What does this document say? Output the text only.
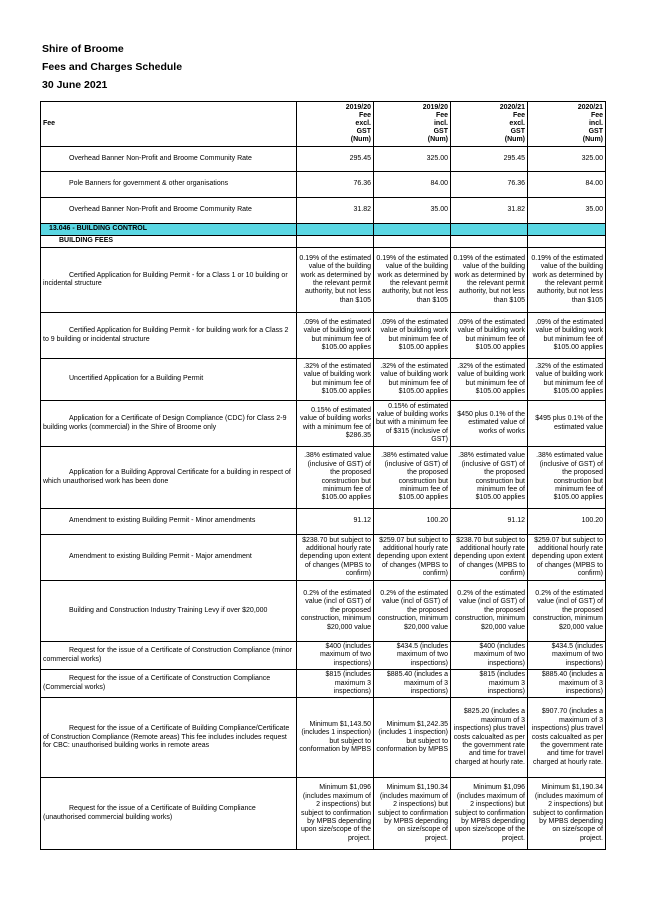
Shire of Broome
Fees and Charges Schedule
30 June 2021
Fee	2019/20
Fee
excl.
GST
(Num)	2019/20
Fee
incl.
GST
(Num)	2020/21
Fee
excl.
GST
(Num)	2020/21
Fee
incl.
GST
(Num)

Overhead Banner Non-Profit and Broome Community Rate	295.45	325.00	295.45	325.00

Pole Banners for government & other organisations	76.36	84.00	76.36	84.00

Overhead Banner Non-Profit and Broome Community Rate	31.82	35.00	31.82	35.00
13.046 - BUILDING CONTROL				
BUILDING FEES				

Certified Application for Building Permit - for a Class 1 or 10 building or incidental structure	0.19% of the estimated value of the building work as determined by the relevant permit authority, but not less than $105	0.19% of the estimated value of the building work as determined by the relevant permit authority, but not less than $105	0.19% of the estimated value of the building work as determined by the relevant permit authority, but not less than $105	0.19% of the estimated value of the building work as determined by the relevant permit authority, but not less than $105

Certified Application for Building Permit - for building work for a Class 2 to 9 building or incidental structure	.09% of the estimated value of building work but minimum fee of $105.00 applies	.09% of the estimated value of building work but minimum fee of $105.00 applies	.09% of the estimated value of building work but minimum fee of $105.00 applies	.09% of the estimated value of building work but minimum fee of $105.00 applies

Uncertified Application for a Building Permit	.32% of the estimated value of building work but minimum fee of $105.00 applies	.32% of the estimated value of building work but minimum fee of $105.00 applies	.32% of the estimated value of building work but minimum fee of $105.00 applies	.32% of the estimated value of building work but minimum fee of $105.00 applies

Application for a Certificate of Design Compliance (CDC) for Class 2-9 building works (commercial) in the Shire of Broome only	0.15% of estimated value of building works with a minimum fee of $286.35	0.15% of estimated value of building works but with a minimum fee of $315 (inclusive of GST)	$450 plus 0.1% of the estimated value of works of works	$495 plus 0.1% of the estimated value

Application for a Building Approval Certificate for a building in respect of which unauthorised work has been done	.38% estimated value (inclusive of GST) of the proposed construction but minimum fee of $105.00 applies	.38% estimated value (inclusive of GST) of the proposed construction but minimum fee of $105.00 applies	.38% estimated value (inclusive of GST) of the proposed construction but minimum fee of $105.00 applies	.38% estimated value (inclusive of GST) of the proposed construction but minimum fee of $105.00 applies

Amendment to existing Building Permit - Minor amendments	91.12	100.20	91.12	100.20

Amendment to existing Building Permit - Major amendment	$238.70 but subject to additional hourly rate depending upon extent of changes (MPBS to confirm)	$259.07 but subject to additional hourly rate depending upon extent of changes (MPBS to confirm)	$238.70 but subject to additional hourly rate depending upon extent of changes (MPBS to confirm)	$259.07 but subject to additional hourly rate depending upon extent of changes (MPBS to confirm)

Building and Construction Industry Training Levy if over $20,000	0.2% of the estimated value (incl of GST) of the proposed construction, minimum $20,000 value	0.2% of the estimated value (incl of GST) of the proposed construction, minimum $20,000 value	0.2% of the estimated value (incl of GST) of the proposed construction, minimum $20,000 value	0.2% of the estimated value (incl of GST) of the proposed construction, minimum $20,000 value

Request for the issue of a Certificate of Construction Compliance (minor commercial works)	$400 (includes maximum of two inspections)	$434.5 (includes maximum of two inspections)	$400 (includes maximum of two inspections)	$434.5 (includes maximum of two inspections)

Request for the issue of a Certificate of Construction Compliance (Commercial works)	$815 (includes maximum 3 inspections)	$885.40 (includes a maximum of 3 inspections)	$815 (includes maximum 3 inspections)	$885.40 (includes a maximum of 3 inspections)

Request for the issue of a Certificate of Building Compliance/Certificate of Construction Compliance (Remote areas) This fee includes includes request for CBC: unauthorised building works in remote areas	Minimum $1,143.50 (includes 1 inspection) but subject to conformation by MPBS	Minimum $1,242.35 (includes 1 inspection) but subject to conformation by MPBS	$825.20 (includes a maximum of 3 inspections) plus travel costs calcualted as per the government rate and time for travel charged at hourly rate.	$907.70 (includes a maximum of 3 inspections) plus travel costs calcualted as per the government rate and time for travel charged at hourly rate.

Request for the issue of a Certificate of Building Compliance (unauthorised commercial building works)	Minimum $1,096 (includes maximum of 2 inspections) but subject to confirmation by MPBS depending upon size/scope of the project.	Minimum $1,190.34 (includes maximum of 2 inspections) but subject to confirmation by MPBS depending on size/scope of project.	Minimum $1,096 (includes maximum of 2 inspections) but subject to confirmation by MPBS depending upon size/scope of the project.	Minimum $1,190.34 (includes maximum of 2 inspections) but subject to confirmation by MPBS depending on size/scope of project.
